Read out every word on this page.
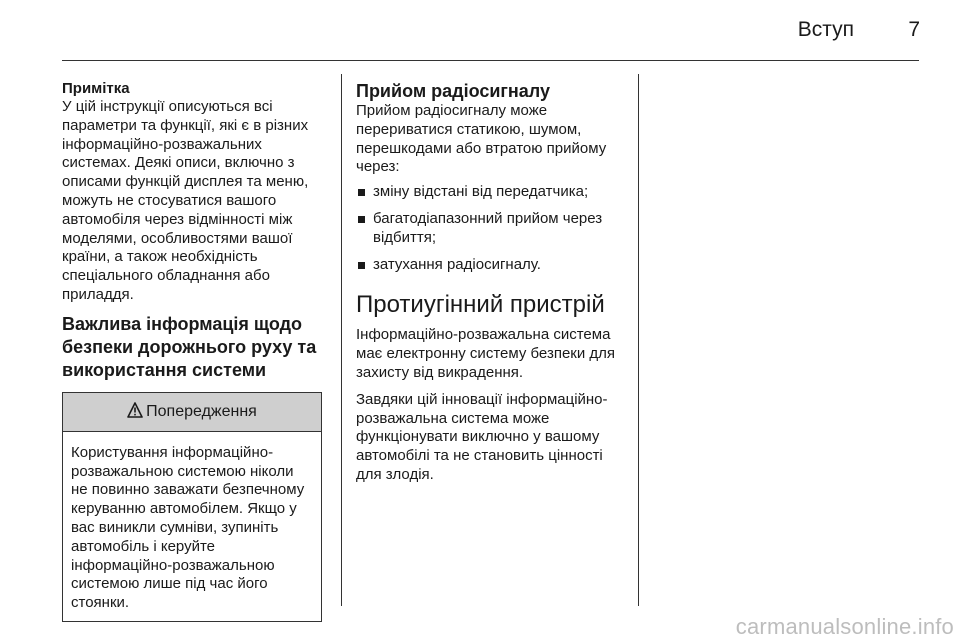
Вступ	7
Примітка

У цій інструкції описуються всі параметри та функції, які є в різних інформаційно-розважальних системах. Деякі описи, включно з описами функцій дисплея та меню, можуть не стосуватися вашого автомобіля через відмінності між моделями, особливостями вашої країни, а також необхідність спеціального обладнання або приладдя.

Важлива інформація щодо безпеки дорожнього руху та використання системи
Попередження

Користування інформаційно-розважальною системою ніколи не повинно заважати безпечному керуванню автомобілем. Якщо у вас виникли сумніви, зупиніть автомобіль і керуйте інформаційно-розважальною системою лише під час його стоянки.

Прийом радіосигналу

Прийом радіосигналу може перериватися статикою, шумом, перешкодами або втратою прийому через:

зміну відстані від передатчика;
багатодіапазонний прийом через відбиття;
затухання радіосигналу.
Протиугінний пристрій

Інформаційно-розважальна система має електронну систему безпеки для захисту від викрадення.

Завдяки цій інновації інформаційно-розважальна система може функціонувати виключно у вашому автомобілі та не становить цінності для злодія.

carmanualsonline.info
